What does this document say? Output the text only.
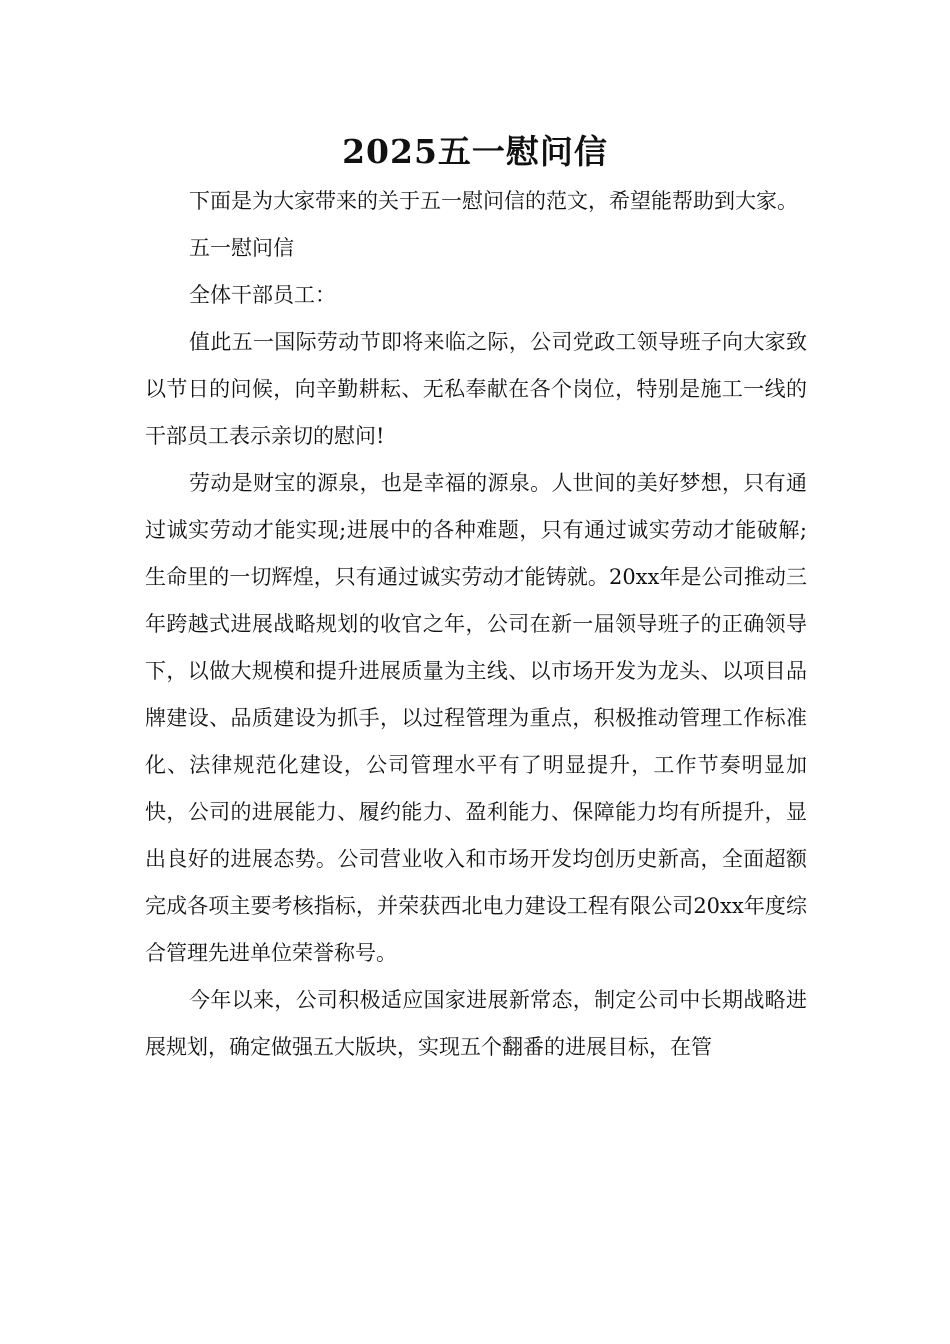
2025五一慰问信

下面是为大家带来的关于五一慰问信的范文，希望能帮助到大家。

五一慰问信

全体干部员工：

值此五一国际劳动节即将来临之际，公司党政工领导班子向大家致以节日的问候，向辛勤耕耘、无私奉献在各个岗位，特别是施工一线的干部员工表示亲切的慰问!

劳动是财宝的源泉，也是幸福的源泉。人世间的美好梦想，只有通过诚实劳动才能实现;进展中的各种难题，只有通过诚实劳动才能破解;生命里的一切辉煌，只有通过诚实劳动才能铸就。20xx年是公司推动三年跨越式进展战略规划的收官之年，公司在新一届领导班子的正确领导下，以做大规模和提升进展质量为主线、以市场开发为龙头、以项目品牌建设、品质建设为抓手，以过程管理为重点，积极推动管理工作标准化、法律规范化建设，公司管理水平有了明显提升，工作节奏明显加快，公司的进展能力、履约能力、盈利能力、保障能力均有所提升，显出良好的进展态势。公司营业收入和市场开发均创历史新高，全面超额完成各项主要考核指标，并荣获西北电力建设工程有限公司20xx年度综合管理先进单位荣誉称号。

今年以来，公司积极适应国家进展新常态，制定公司中长期战略进展规划，确定做强五大版块，实现五个翻番的进展目标，在管
